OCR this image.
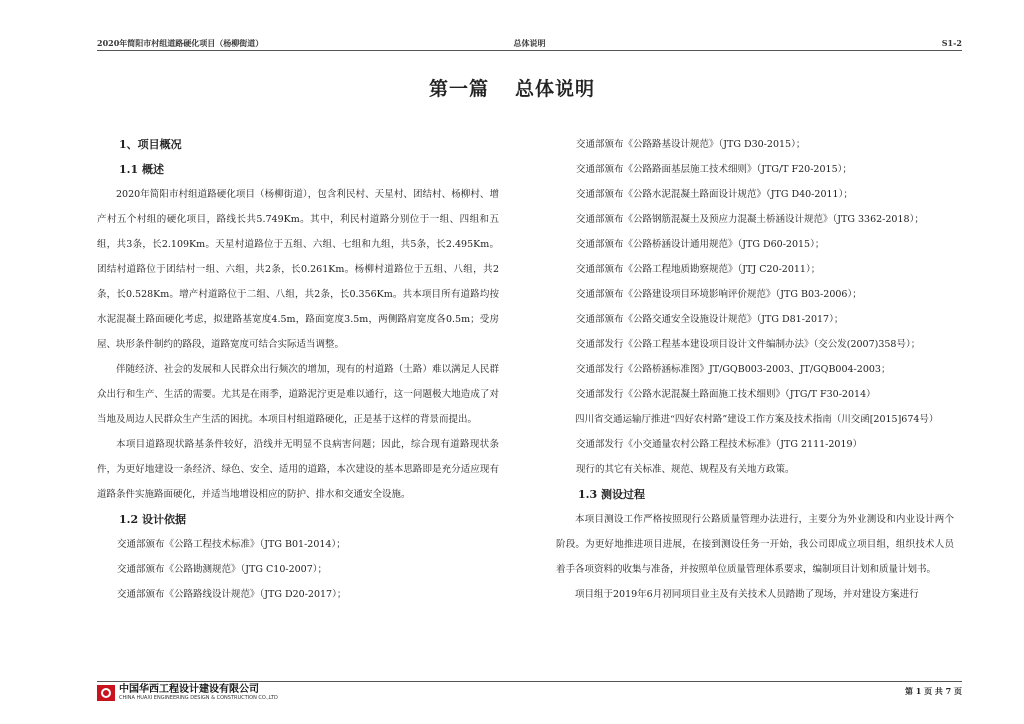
2020年简阳市村组道路硬化项目（杨柳街道）	总体说明	S1-2
第一篇 总体说明
1、项目概况
1.1 概述

2020年简阳市村组道路硬化项目（杨柳街道），包含利民村、天星村、团结村、杨柳村、增产村五个村组的硬化项目，路线长共5.749Km。其中，利民村道路分别位于一组、四组和五组，共3条，长2.109Km。天星村道路位于五组、六组、七组和九组，共5条，长2.495Km。团结村道路位于团结村一组、六组，共2条，长0.261Km。杨柳村道路位于五组、八组，共2条，长0.528Km。增产村道路位于二组、八组，共2条，长0.356Km。共本项目所有道路均按水泥混凝土路面硬化考虑，拟建路基宽度4.5m，路面宽度3.5m，两侧路肩宽度各0.5m；受房屋、块形条件制约的路段，道路宽度可结合实际适当调整。

伴随经济、社会的发展和人民群众出行频次的增加，现有的村道路（土路）难以满足人民群众出行和生产、生活的需要。尤其是在雨季，道路泥泞更是难以通行，这一问题极大地造成了对当地及周边人民群众生产生活的困扰。本项目村组道路硬化，正是基于这样的背景而提出。

本项目道路现状路基条件较好，沿线并无明显不良病害问题；因此，综合现有道路现状条件，为更好地建设一条经济、绿色、安全、适用的道路，本次建设的基本思路即是充分适应现有道路条件实施路面硬化，并适当地增设相应的防护、排水和交通安全设施。

1.2 设计依据
交通部颁布《公路工程技术标准》（JTG B01-2014）；
交通部颁布《公路勘测规范》（JTG C10-2007）；
交通部颁布《公路路线设计规范》（JTG D20-2017）；
交通部颁布《公路路基设计规范》（JTG D30-2015）；
交通部颁布《公路路面基层施工技术细则》（JTG/T F20-2015）；
交通部颁布《公路水泥混凝土路面设计规范》（JTG D40-2011）；
交通部颁布《公路钢筋混凝土及预应力混凝土桥涵设计规范》（JTG 3362-2018）；
交通部颁布《公路桥涵设计通用规范》（JTG D60-2015）；
交通部颁布《公路工程地质勘察规范》（JTJ C20-2011）；
交通部颁布《公路建设项目环境影响评价规范》（JTG B03-2006）；
交通部颁布《公路交通安全设施设计规范》（JTG D81-2017）；
交通部发行《公路工程基本建设项目设计文件编制办法》（交公发(2007)358号）；
交通部发行《公路桥涵标准图》JT/GQB003-2003、JT/GQB004-2003；
交通部发行《公路水泥混凝土路面施工技术细则》（JTG/T F30-2014）
四川省交通运输厅推进“四好农村路”建设工作方案及技术指南（川交函[2015]674号）
交通部发行《小交通量农村公路工程技术标准》（JTG 2111-2019）
现行的其它有关标准、规范、规程及有关地方政策。
1.3 测设过程

本项目测设工作严格按照现行公路质量管理办法进行，主要分为外业测设和内业设计两个阶段。为更好地推进项目进展，在接到测设任务一开始，我公司即成立项目组，组织技术人员着手各项资料的收集与准备，并按照单位质量管理体系要求，编制项目计划和质量计划书。

项目组于2019年6月初同项目业主及有关技术人员踏勘了现场，并对建设方案进行

中国华西工程设计建设有限公司
CHINA HUAXI ENGINEERING DESIGN & CONSTRUCTION CO.,LTD
第 1 页 共 7 页
